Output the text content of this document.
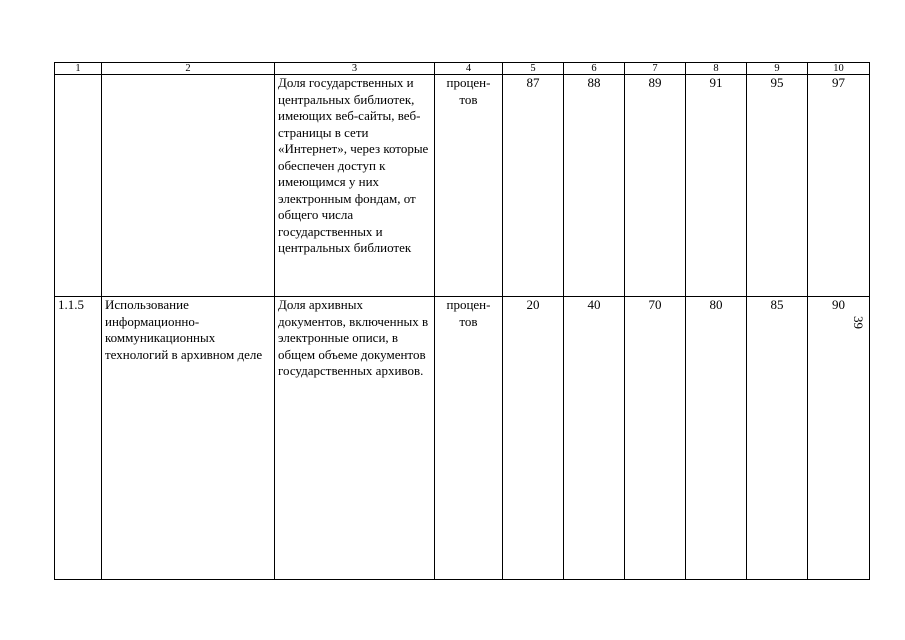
1	2	3	4	5	6	7	8	9	10
		Доля государственных и центральных библиотек, имеющих веб-сайты, веб-страницы в сети «Интернет», через которые обеспечен доступ к имеющимся у них электронным фондам, от общего числа государственных и центральных библиотек	процен-тов	87	88	89	91	95	97
1.1.5	Использование информационно-коммуникационных технологий в архивном деле	Доля архивных документов, включенных в электронные описи, в общем объеме документов государственных архивов.	процен-тов	20	40	70	80	85	90
39
